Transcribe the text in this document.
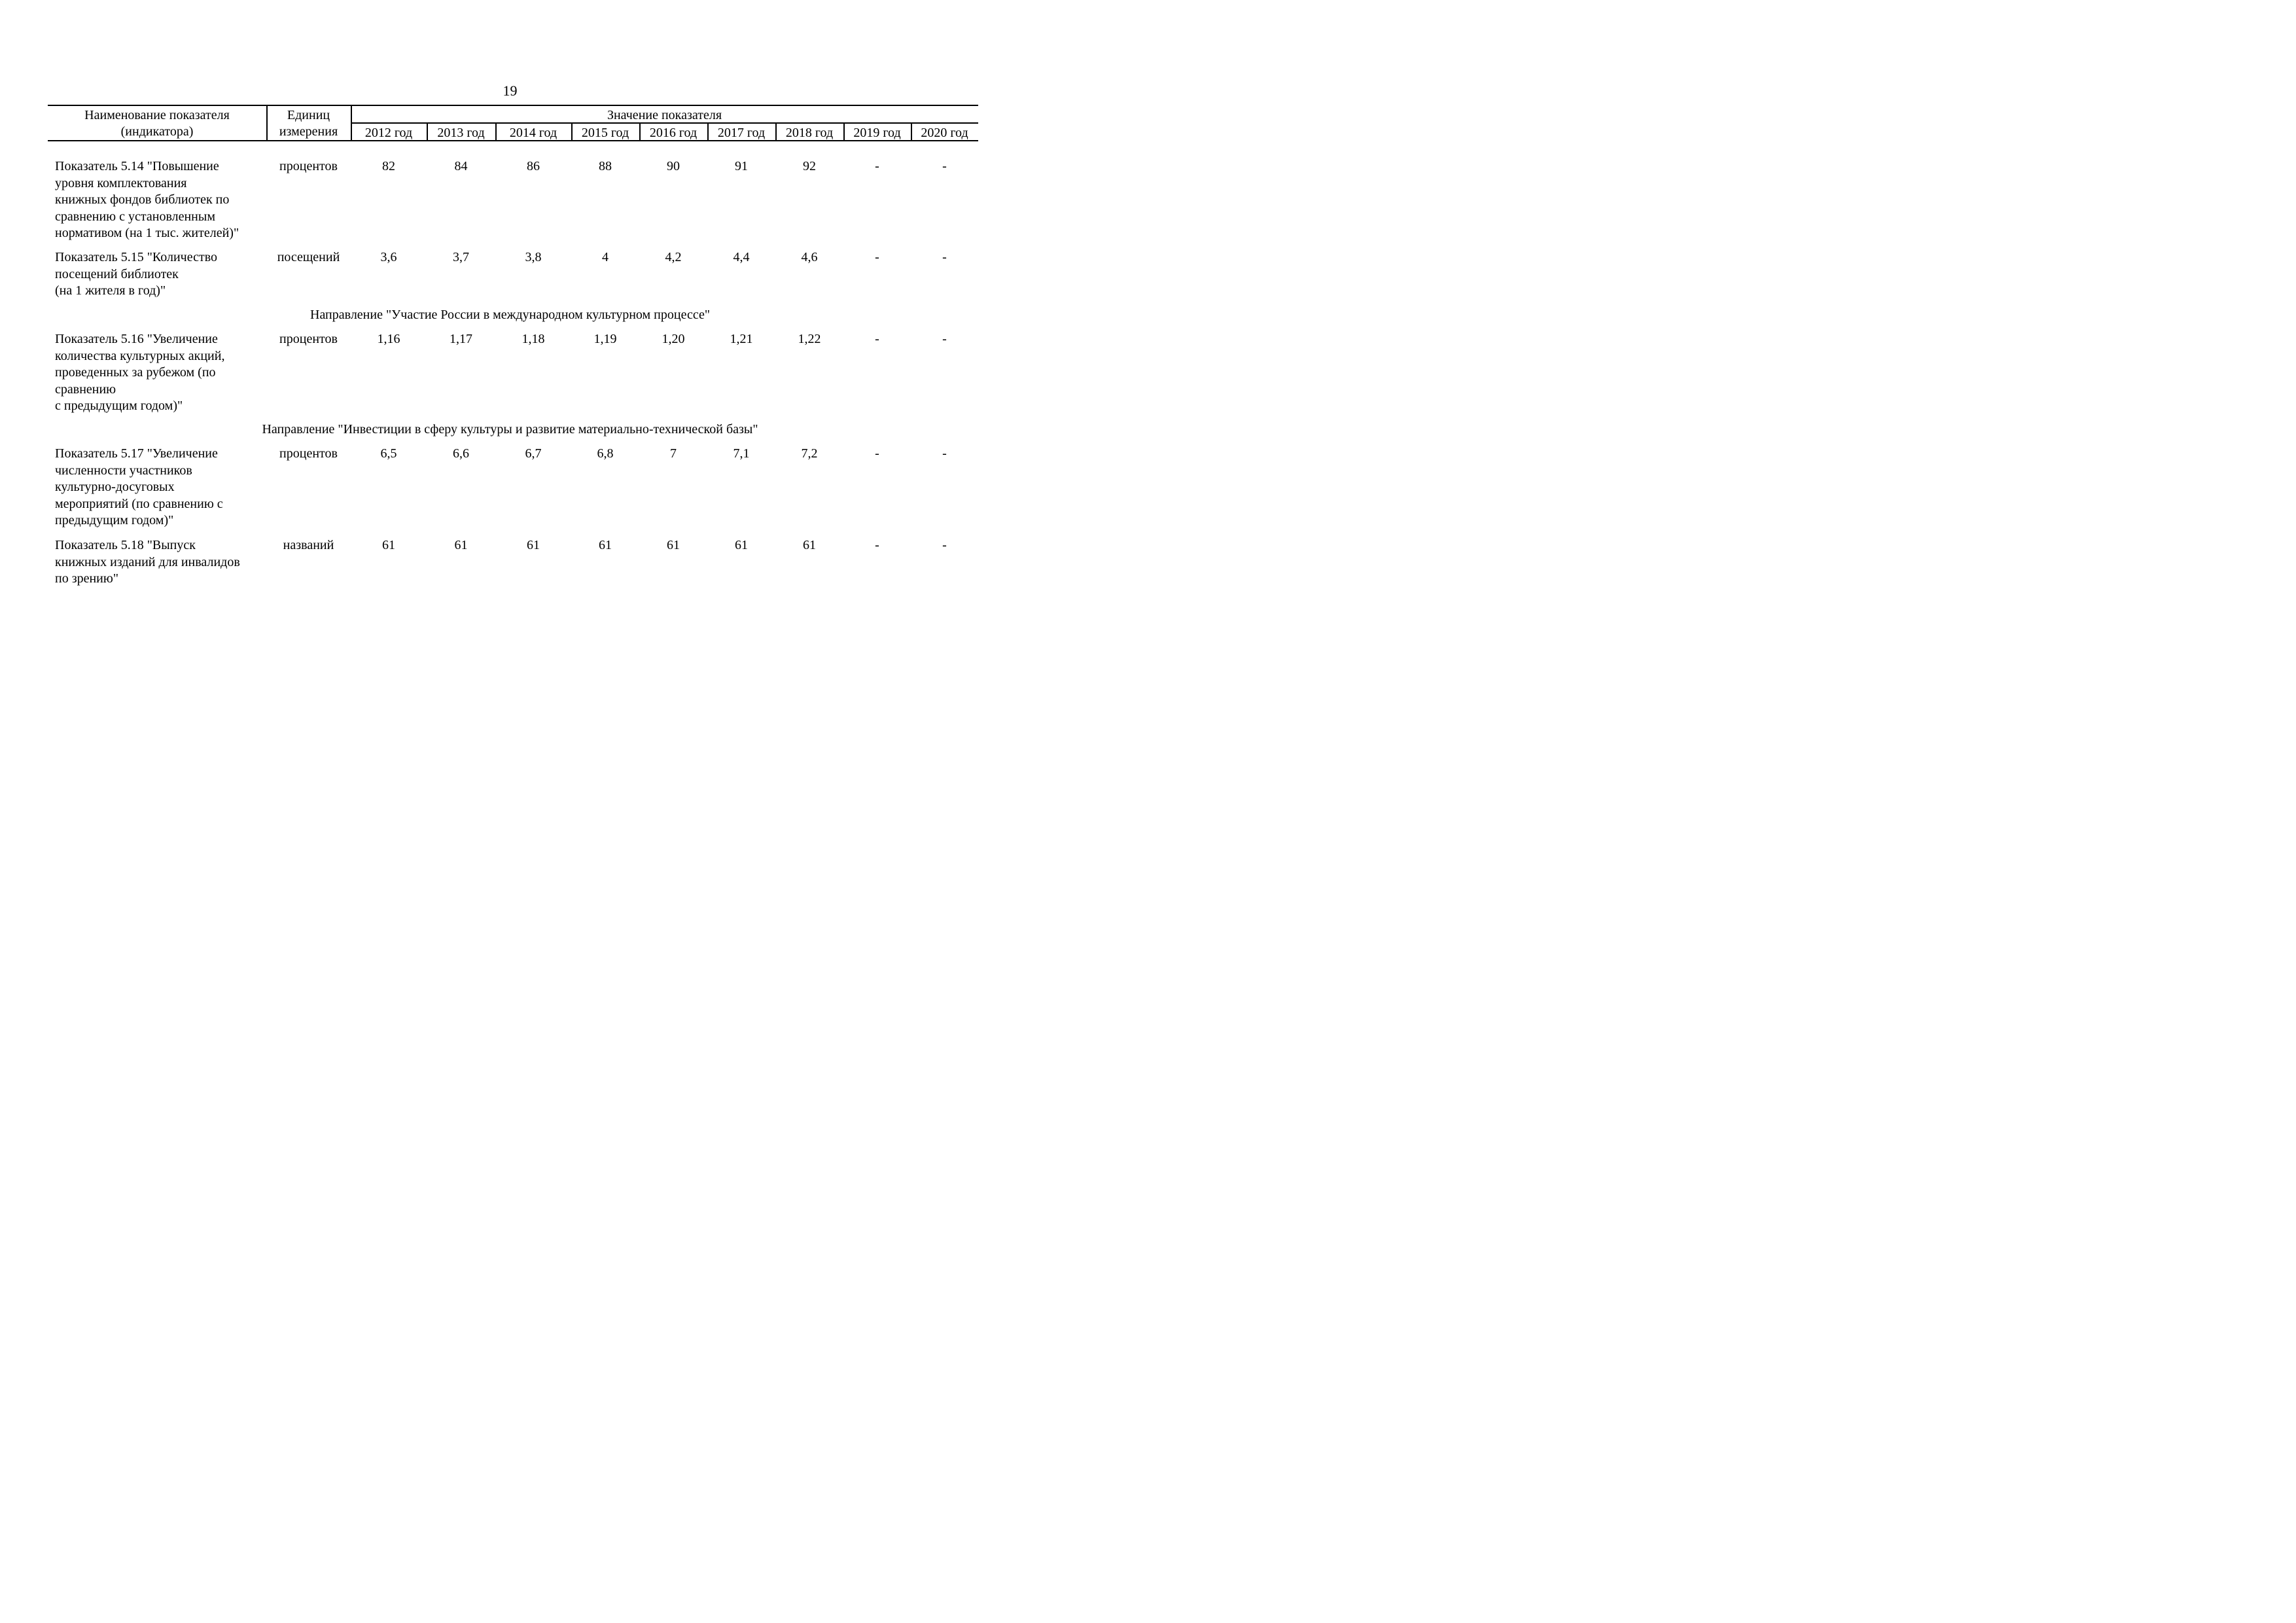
19
Наименование показателя
(индикатора)
Единиц
измерения
Значение показателя
2012 год	2013 год	2014 год	2015 год	2016 год	2017 год	2018 год	2019 год	2020 год
Показатель 5.14 "Повышение
уровня комплектования
книжных фондов библиотек по
сравнению с установленным
нормативом (на 1 тыс. жителей)"
процентов	82	84	86	88	90	91	92	-	-
Показатель 5.15 "Количество
посещений библиотек
(на 1 жителя в год)"
посещений	3,6	3,7	3,8	4	4,2	4,4	4,6	-	-
Направление "Участие России в международном культурном процессе"
Показатель 5.16 "Увеличение
количества культурных акций,
проведенных за рубежом (по
сравнению
с предыдущим годом)"
процентов	1,16	1,17	1,18	1,19	1,20	1,21	1,22	-	-
Направление "Инвестиции в сферу культуры и развитие материально-технической базы"
Показатель 5.17 "Увеличение
численности участников
культурно-досуговых
мероприятий (по сравнению с
предыдущим годом)"
процентов	6,5	6,6	6,7	6,8	7	7,1	7,2	-	-
Показатель 5.18 "Выпуск
книжных изданий для инвалидов
по зрению"
названий	61	61	61	61	61	61	61	-	-
